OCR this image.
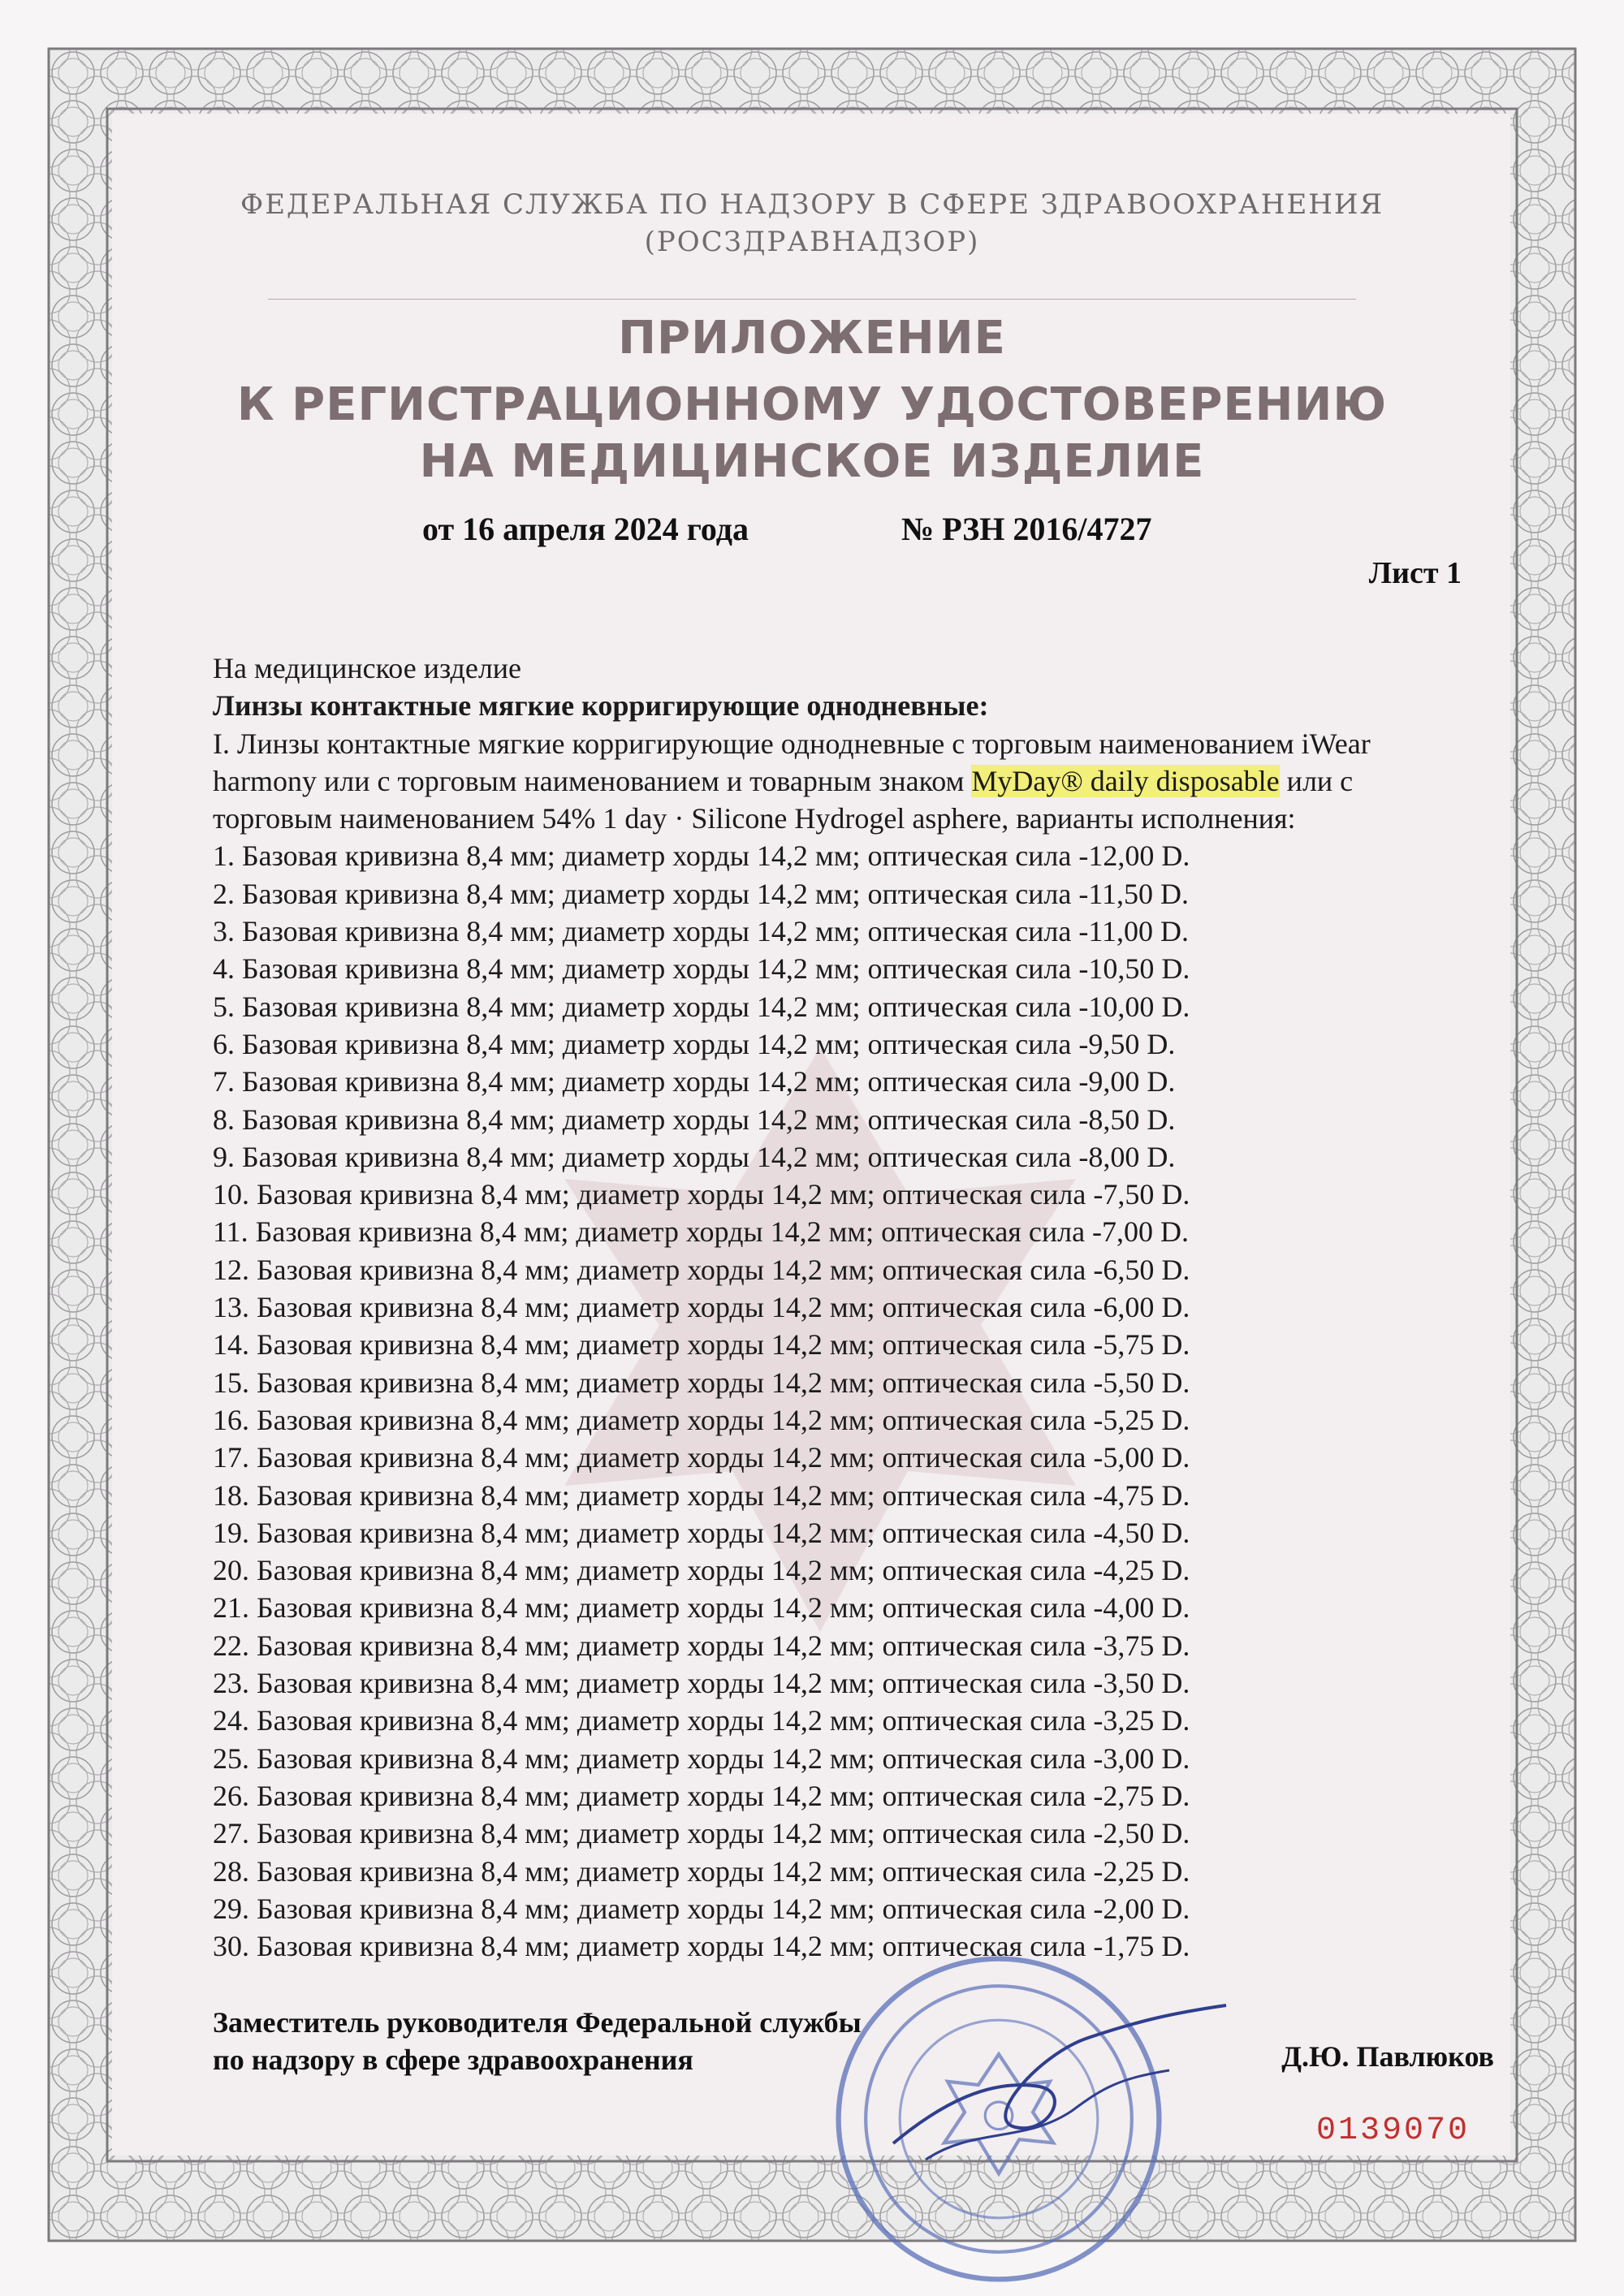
ФЕДЕРАЛЬНАЯ СЛУЖБА ПО НАДЗОРУ В СФЕРЕ ЗДРАВООХРАНЕНИЯ
(РОСЗДРАВНАДЗОР)
ПРИЛОЖЕНИЕ
К РЕГИСТРАЦИОННОМУ УДОСТОВЕРЕНИЮ
НА МЕДИЦИНСКОЕ ИЗДЕЛИЕ
от 16 апреля 2024 года	№ РЗН 2016/4727
Лист 1
На медицинское изделие
Линзы контактные мягкие корригирующие однодневные:
I. Линзы контактные мягкие корригирующие однодневные с торговым наименованием iWear harmony или с торговым наименованием и товарным знаком MyDay® daily disposable или с торговым наименованием 54% 1 day · Silicone Hydrogel asphere, варианты исполнения:
1. Базовая кривизна 8,4 мм; диаметр хорды 14,2 мм; оптическая сила -12,00 D.
2. Базовая кривизна 8,4 мм; диаметр хорды 14,2 мм; оптическая сила -11,50 D.
3. Базовая кривизна 8,4 мм; диаметр хорды 14,2 мм; оптическая сила -11,00 D.
4. Базовая кривизна 8,4 мм; диаметр хорды 14,2 мм; оптическая сила -10,50 D.
5. Базовая кривизна 8,4 мм; диаметр хорды 14,2 мм; оптическая сила -10,00 D.
6. Базовая кривизна 8,4 мм; диаметр хорды 14,2 мм; оптическая сила -9,50 D.
7. Базовая кривизна 8,4 мм; диаметр хорды 14,2 мм; оптическая сила -9,00 D.
8. Базовая кривизна 8,4 мм; диаметр хорды 14,2 мм; оптическая сила -8,50 D.
9. Базовая кривизна 8,4 мм; диаметр хорды 14,2 мм; оптическая сила -8,00 D.
10. Базовая кривизна 8,4 мм; диаметр хорды 14,2 мм; оптическая сила -7,50 D.
11. Базовая кривизна 8,4 мм; диаметр хорды 14,2 мм; оптическая сила -7,00 D.
12. Базовая кривизна 8,4 мм; диаметр хорды 14,2 мм; оптическая сила -6,50 D.
13. Базовая кривизна 8,4 мм; диаметр хорды 14,2 мм; оптическая сила -6,00 D.
14. Базовая кривизна 8,4 мм; диаметр хорды 14,2 мм; оптическая сила -5,75 D.
15. Базовая кривизна 8,4 мм; диаметр хорды 14,2 мм; оптическая сила -5,50 D.
16. Базовая кривизна 8,4 мм; диаметр хорды 14,2 мм; оптическая сила -5,25 D.
17. Базовая кривизна 8,4 мм; диаметр хорды 14,2 мм; оптическая сила -5,00 D.
18. Базовая кривизна 8,4 мм; диаметр хорды 14,2 мм; оптическая сила -4,75 D.
19. Базовая кривизна 8,4 мм; диаметр хорды 14,2 мм; оптическая сила -4,50 D.
20. Базовая кривизна 8,4 мм; диаметр хорды 14,2 мм; оптическая сила -4,25 D.
21. Базовая кривизна 8,4 мм; диаметр хорды 14,2 мм; оптическая сила -4,00 D.
22. Базовая кривизна 8,4 мм; диаметр хорды 14,2 мм; оптическая сила -3,75 D.
23. Базовая кривизна 8,4 мм; диаметр хорды 14,2 мм; оптическая сила -3,50 D.
24. Базовая кривизна 8,4 мм; диаметр хорды 14,2 мм; оптическая сила -3,25 D.
25. Базовая кривизна 8,4 мм; диаметр хорды 14,2 мм; оптическая сила -3,00 D.
26. Базовая кривизна 8,4 мм; диаметр хорды 14,2 мм; оптическая сила -2,75 D.
27. Базовая кривизна 8,4 мм; диаметр хорды 14,2 мм; оптическая сила -2,50 D.
28. Базовая кривизна 8,4 мм; диаметр хорды 14,2 мм; оптическая сила -2,25 D.
29. Базовая кривизна 8,4 мм; диаметр хорды 14,2 мм; оптическая сила -2,00 D.
30. Базовая кривизна 8,4 мм; диаметр хорды 14,2 мм; оптическая сила -1,75 D.
Заместитель руководителя Федеральной службы
по надзору в сфере здравоохранения	Д.Ю. Павлюков
0139070
